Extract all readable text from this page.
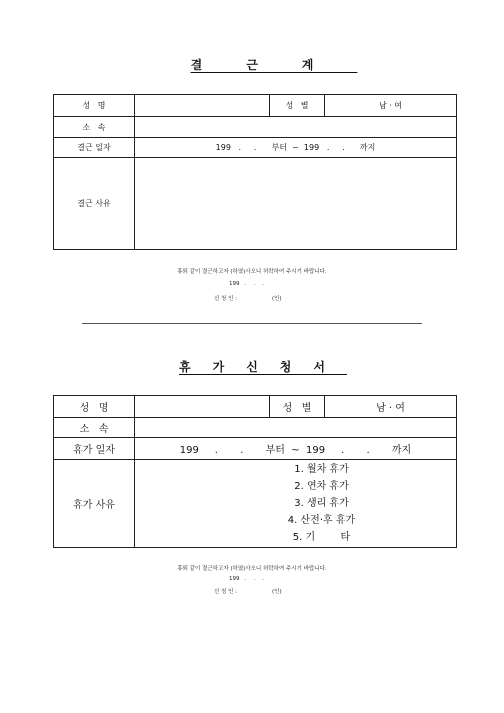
결근계
성   명		성   별	남 · 여
소   속			
결근 일자	199   .     .      부터  ~  199   .     .      까지		
결근 사유			
휴퇴 같이 결근하고자 (하였)사오니 허락하여 주시기 바랍니다.
199   .    .    .
신 청 인 :                    (인)
휴가신청서
성   명		성   별	남 · 여
소   속			
휴가 일자	199     .       .       부터  ~  199     .       .       까지		
휴가 사유	1. 월차 휴가
2. 연차 휴가
3. 생리 휴가
4. 산전·후 휴가
5. 기        타		
휴퇴 같이 결근하고자 (하였)사오니 허락하여 주시기 바랍니다.
199   .    .    .
신 청 인 :                    (인)
